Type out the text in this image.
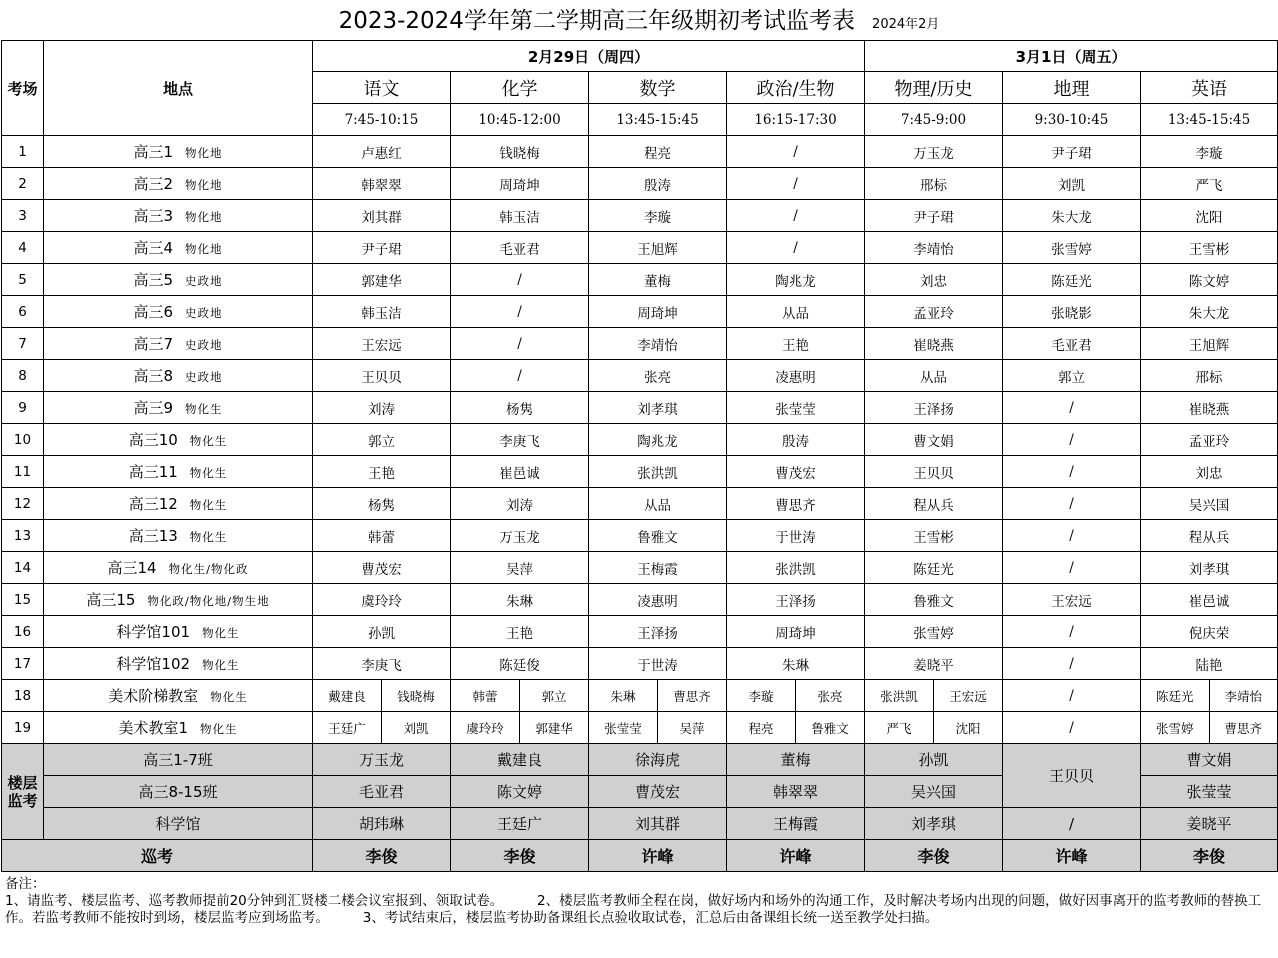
2023-2024学年第二学期高三年级期初考试监考表 2024年2月
考场	地点	2月29日（周四）				3月1日（周五）		
		语文	化学	数学	政治/生物	物理/历史	地理	英语
		7:45-10:15	10:45-12:00	13:45-15:45	16:15-17:30	7:45-9:00	9:30-10:45	13:45-15:45
1	高三1 物化地	卢惠红	钱晓梅	程亮	/	万玉龙	尹子珺	李璇
2	高三2 物化地	韩翠翠	周琦坤	殷涛	/	邢标	刘凯	严飞
3	高三3 物化地	刘其群	韩玉洁	李璇	/	尹子珺	朱大龙	沈阳
4	高三4 物化地	尹子珺	毛亚君	王旭辉	/	李靖怡	张雪婷	王雪彬
5	高三5 史政地	郭建华	/	董梅	陶兆龙	刘忠	陈廷光	陈文婷
6	高三6 史政地	韩玉洁	/	周琦坤	从品	孟亚玲	张晓影	朱大龙
7	高三7 史政地	王宏远	/	李靖怡	王艳	崔晓燕	毛亚君	王旭辉
8	高三8 史政地	王贝贝	/	张亮	凌惠明	从品	郭立	邢标
9	高三9 物化生	刘涛	杨隽	刘孝琪	张莹莹	王泽扬	/	崔晓燕
10	高三10 物化生	郭立	李庚飞	陶兆龙	殷涛	曹文娟	/	孟亚玲
11	高三11 物化生	王艳	崔邑诚	张洪凯	曹茂宏	王贝贝	/	刘忠
12	高三12 物化生	杨隽	刘涛	从品	曹思齐	程从兵	/	吴兴国
13	高三13 物化生	韩蕾	万玉龙	鲁雅文	于世涛	王雪彬	/	程从兵
14	高三14 物化生/物化政	曹茂宏	吴萍	王梅霞	张洪凯	陈廷光	/	刘孝琪
15	高三15 物化政/物化地/物生地	虞玲玲	朱琳	凌惠明	王泽扬	鲁雅文	王宏远	崔邑诚
16	科学馆101 物化生	孙凯	王艳	王泽扬	周琦坤	张雪婷	/	倪庆荣
17	科学馆102 物化生	李庚飞	陈廷俊	于世涛	朱琳	姜晓平	/	陆艳
18	美术阶梯教室 物化生	戴建良 钱晓梅	韩蕾 郭立	朱琳 曹思齐	李璇 张亮	张洪凯 王宏远	/	陈廷光 李靖怡

19	美术教室1 物化生	王廷广 刘凯	虞玲玲 郭建华	张莹莹 吴萍	程亮 鲁雅文	严飞 沈阳	/	张雪婷 曹思齐

楼层监考	高三1-7班	万玉龙	戴建良	徐海虎	董梅	孙凯	王贝贝	曹文娟
	高三8-15班	毛亚君	陈文婷	曹茂宏	韩翠翠	吴兴国		张莹莹
	科学馆	胡玮琳	王廷广	刘其群	王梅霞	刘孝琪	/	姜晓平
巡考		李俊	李俊	许峰	许峰	李俊	许峰	李俊
备注：
1、请监考、楼层监考、巡考教师提前20分钟到汇贤楼二楼会议室报到、领取试卷。　　　2、楼层监考教师全程在岗，做好场内和场外的沟通工作，及时解决考场内出现的问题，做好因事离开的监考教师的替换工作。若监考教师不能按时到场，楼层监考应到场监考。　　　3、考试结束后，楼层监考协助备课组长点验收取试卷，汇总后由备课组长统一送至教学处扫描。
